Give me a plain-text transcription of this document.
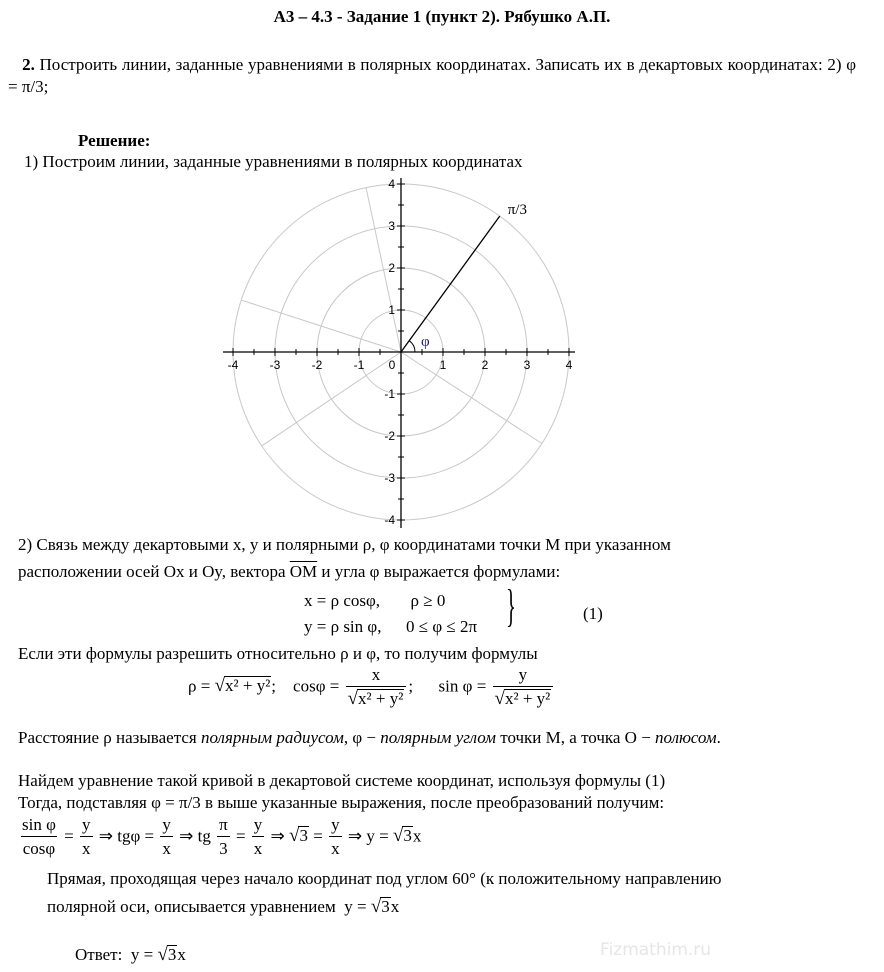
Fizmathim.ru
А3 – 4.3 - Задание 1 (пункт 2). Рябушко А.П.
2. Построить линии, заданные уравнениями в полярных координатах. Записать их в декартовых координатах: 2) φ = π/3;
Решение:
1) Построим линии, заданные уравнениями в полярных координатах
-4	-3	-2	-1 0	1	2	3	4
4
3
2
1
-1
-2
-3
-4
π/3
φ
2) Связь между декартовыми x, y и полярными ρ, φ координатами точки M при указанном
расположении осей Ox и Oy, вектора $\overline{OM}$ и угла φ выражается формулами:
x = ρ cosφ, ρ ≥ 0
y = ρ sin φ, 0 ≤ φ ≤ 2π }	(1)
Если эти формулы разрешить относительно ρ и φ, то получим формулы
ρ = √x² + y²; $\cos\varphi = \frac{x}{\text{√x² + y²}}$ ; $\sin \varphi = \frac{y}{\text{√x² + y²}}$
Расстояние ρ называется полярным радиусом, φ − полярным углом точки M, а точка O − полюсом.
Найдем уравнение такой кривой в декартовой системе координат, используя формулы (1)
Тогда, подставляя φ = π/3 в выше указанные выражения, после преобразований получим:
$\frac{\text{sin φ}}{\cos\varphi} = \frac{y}{x}$ ⇒ $tg\varphi = \frac{y}{x}$ ⇒ tg $\frac{\pi}{3} = \frac{y}{x}$ ⇒ $√3 = \frac{y}{x}$ ⇒ y = √3x
Прямая, проходящая через начало координат под углом 60° (к положительному направлению
полярной оси, описывается уравнением y = √3x
Ответ: y = √3x
